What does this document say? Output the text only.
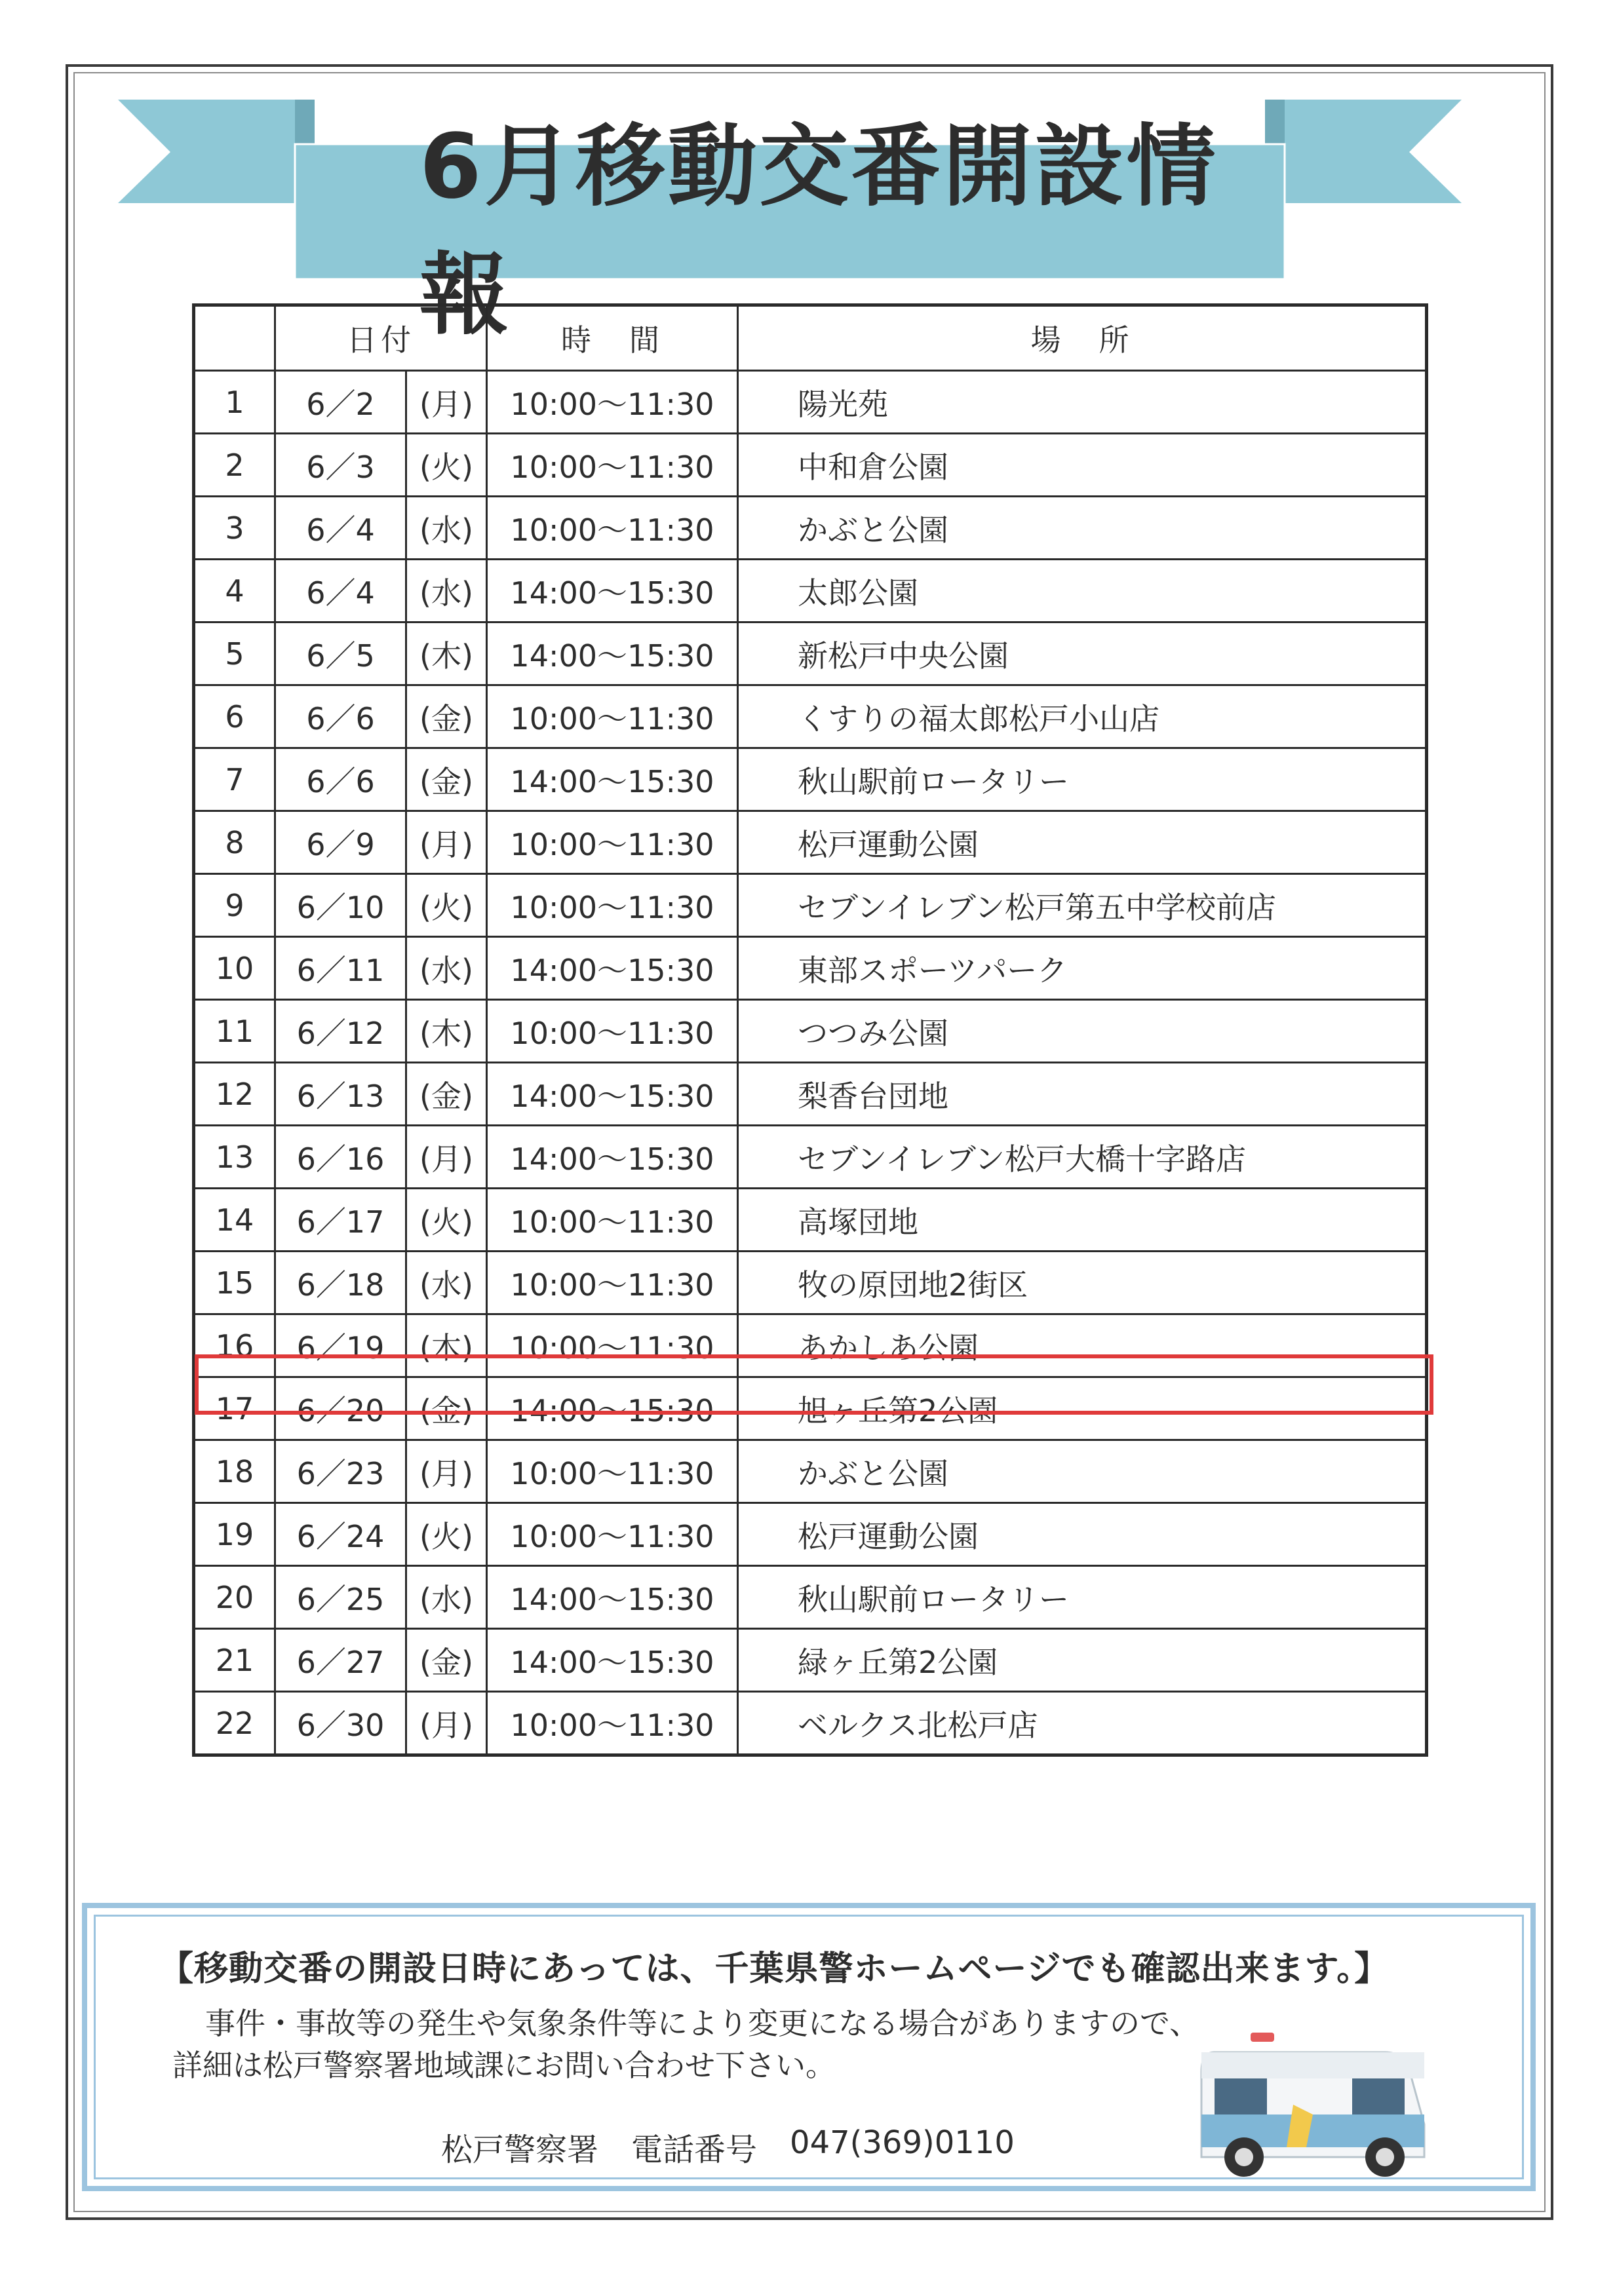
6月移動交番開設情報
	日付		時　間	場　所
1	6／2	(月)	10:00～11:30	陽光苑
2	6／3	(火)	10:00～11:30	中和倉公園
3	6／4	(水)	10:00～11:30	かぶと公園
4	6／4	(水)	14:00～15:30	太郎公園
5	6／5	(木)	14:00～15:30	新松戸中央公園
6	6／6	(金)	10:00～11:30	くすりの福太郎松戸小山店
7	6／6	(金)	14:00～15:30	秋山駅前ロータリー
8	6／9	(月)	10:00～11:30	松戸運動公園
9	6／10	(火)	10:00～11:30	セブンイレブン松戸第五中学校前店
10	6／11	(水)	14:00～15:30	東部スポーツパーク
11	6／12	(木)	10:00～11:30	つつみ公園
12	6／13	(金)	14:00～15:30	梨香台団地
13	6／16	(月)	14:00～15:30	セブンイレブン松戸大橋十字路店
14	6／17	(火)	10:00～11:30	高塚団地
15	6／18	(水)	10:00～11:30	牧の原団地2街区
16	6／19	(木)	10:00～11:30	あかしあ公園
17	6／20	(金)	14:00～15:30	旭ヶ丘第2公園
18	6／23	(月)	10:00～11:30	かぶと公園
19	6／24	(火)	10:00～11:30	松戸運動公園
20	6／25	(水)	14:00～15:30	秋山駅前ロータリー
21	6／27	(金)	14:00～15:30	緑ヶ丘第2公園
22	6／30	(月)	10:00～11:30	ベルクス北松戸店
【移動交番の開設日時にあっては、千葉県警ホームページでも確認出来ます。】
事件・事故等の発生や気象条件等により変更になる場合がありますので、
詳細は松戸警察署地域課にお問い合わせ下さい。
松戸警察署 電話番号 047(369)0110
